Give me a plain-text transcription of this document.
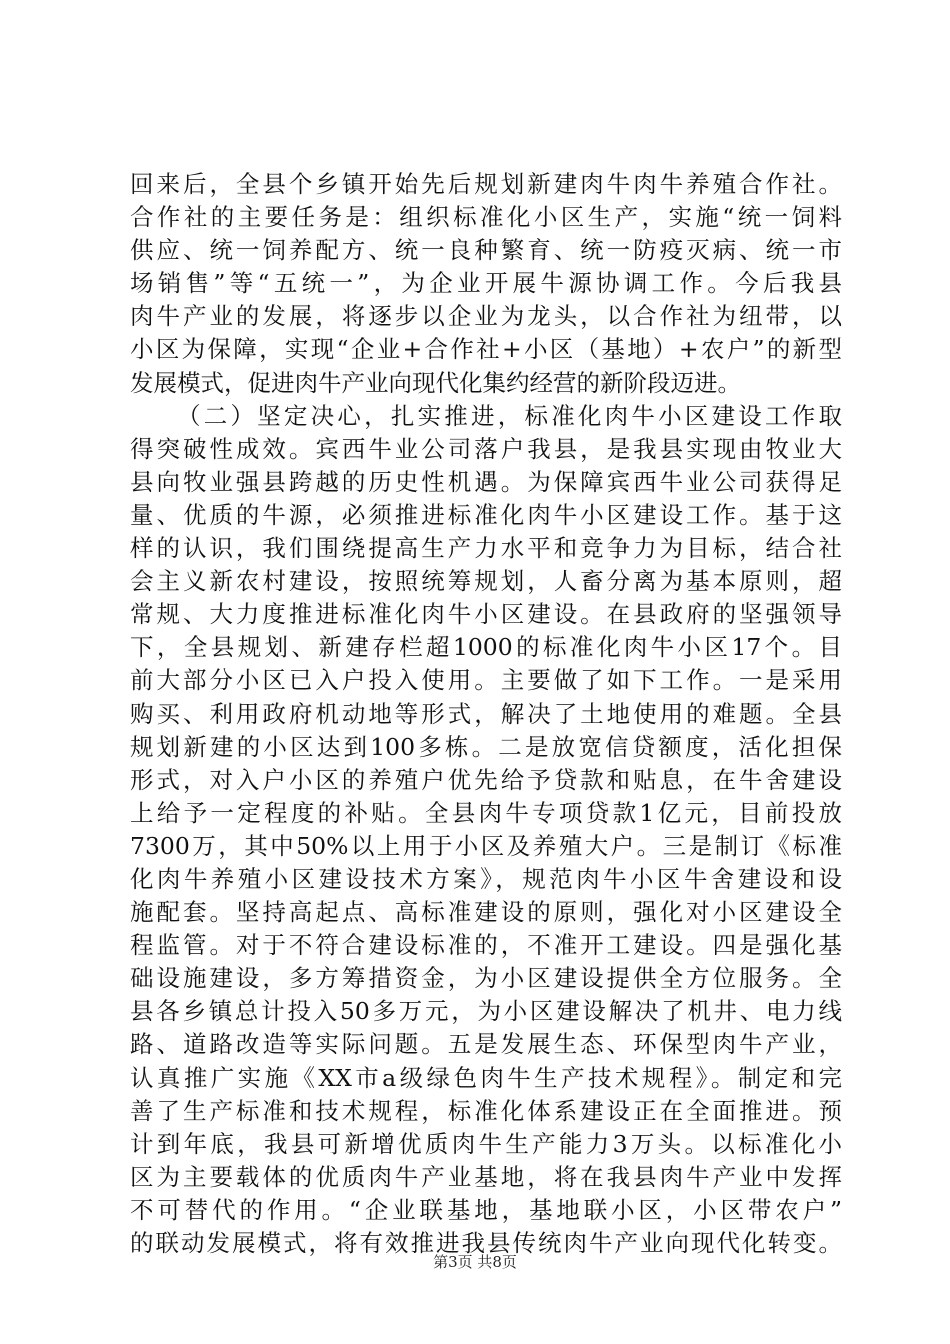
回来后，全县个乡镇开始先后规划新建肉牛肉牛养殖合作社。
合作社的主要任务是：组织标准化小区生产，实施“统一饲料
供应、统一饲养配方、统一良种繁育、统一防疫灭病、统一市
场销售”等“五统一”，为企业开展牛源协调工作。今后我县
肉牛产业的发展，将逐步以企业为龙头，以合作社为纽带，以
小区为保障，实现“企业+合作社+小区（基地）+农户”的新型
发展模式，促进肉牛产业向现代化集约经营的新阶段迈进。
（二）坚定决心，扎实推进，标准化肉牛小区建设工作取
得突破性成效。宾西牛业公司落户我县，是我县实现由牧业大
县向牧业强县跨越的历史性机遇。为保障宾西牛业公司获得足
量、优质的牛源，必须推进标准化肉牛小区建设工作。基于这
样的认识，我们围绕提高生产力水平和竞争力为目标，结合社
会主义新农村建设，按照统筹规划，人畜分离为基本原则，超
常规、大力度推进标准化肉牛小区建设。在县政府的坚强领导
下，全县规划、新建存栏超1000的标准化肉牛小区17个。目
前大部分小区已入户投入使用。主要做了如下工作。一是采用
购买、利用政府机动地等形式，解决了土地使用的难题。全县
规划新建的小区达到100多栋。二是放宽信贷额度，活化担保
形式，对入户小区的养殖户优先给予贷款和贴息，在牛舍建设
上给予一定程度的补贴。全县肉牛专项贷款1亿元，目前投放
7300万，其中50%以上用于小区及养殖大户。三是制订《标准
化肉牛养殖小区建设技术方案》，规范肉牛小区牛舍建设和设
施配套。坚持高起点、高标准建设的原则，强化对小区建设全
程监管。对于不符合建设标准的，不准开工建设。四是强化基
础设施建设，多方筹措资金，为小区建设提供全方位服务。全
县各乡镇总计投入50多万元，为小区建设解决了机井、电力线
路、道路改造等实际问题。五是发展生态、环保型肉牛产业，
认真推广实施《XX市a级绿色肉牛生产技术规程》。制定和完
善了生产标准和技术规程，标准化体系建设正在全面推进。预
计到年底，我县可新增优质肉牛生产能力3万头。以标准化小
区为主要载体的优质肉牛产业基地，将在我县肉牛产业中发挥
不可替代的作用。“企业联基地，基地联小区，小区带农户”
的联动发展模式，将有效推进我县传统肉牛产业向现代化转变。
第3页 共8页
